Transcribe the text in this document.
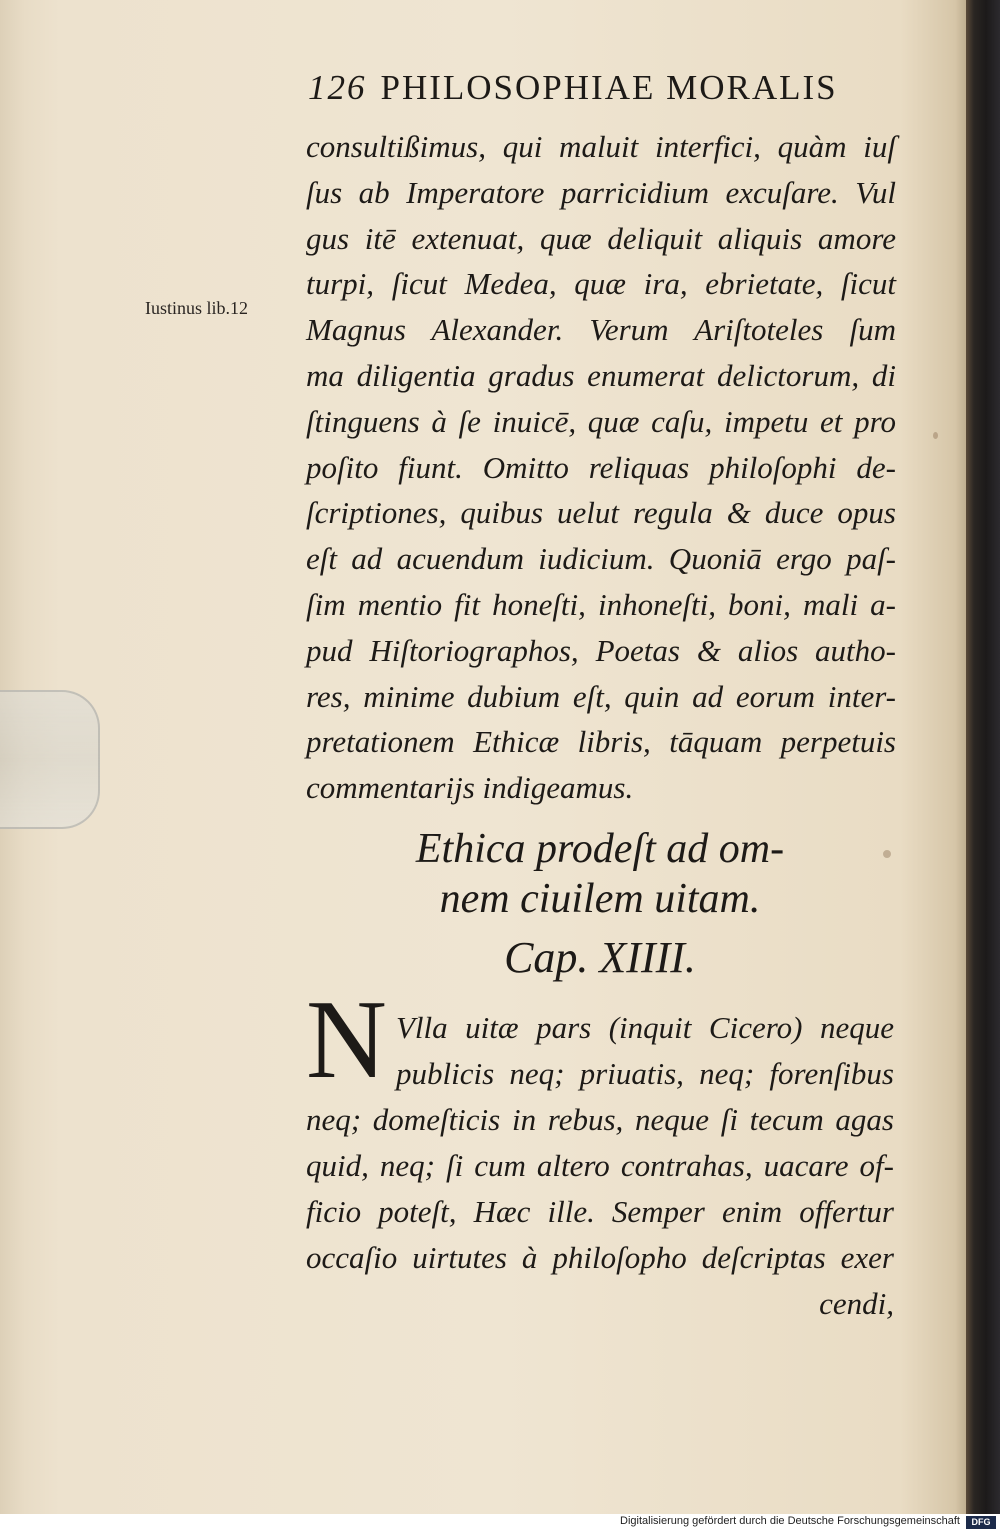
126 PHILOSOPHIAE MORALIS
Iustinus lib.12
consultißimus, qui maluit interfici, quàm iuſ
ſus ab Imperatore parricidium excuſare. Vul
gus itē extenuat, quæ deliquit aliquis amore
turpi, ſicut Medea, quæ ira, ebrietate, ſicut
Magnus Alexander. Verum Ariſtoteles ſum
ma diligentia gradus enumerat delictorum, di
ſtinguens à ſe inuicē, quæ caſu, impetu et pro
poſito fiunt. Omitto reliquas philoſophi de-
ſcriptiones, quibus uelut regula & duce opus
eſt ad acuendum iudicium. Quoniā ergo paſ-
ſim mentio fit honeſti, inhoneſti, boni, mali a-
pud Hiſtoriographos, Poetas & alios autho-
res, minime dubium eſt, quin ad eorum inter-
pretationem Ethicæ libris, tāquam perpetuis
commentarijs indigeamus.
Ethica prodeſt ad om-
nem ciuilem uitam.
Cap. XIIII.
N Vlla uitæ pars (inquit Cicero) neque
publicis neq; priuatis, neq; forenſibus
neq; domeſticis in rebus, neque ſi tecum agas
quid, neq; ſi cum altero contrahas, uacare of-
ficio poteſt, Hæc ille. Semper enim offertur
occaſio uirtutes à philoſopho deſcriptas exer
cendi,
Digitalisierung gefördert durch die Deutsche Forschungsgemeinschaft	DFG
